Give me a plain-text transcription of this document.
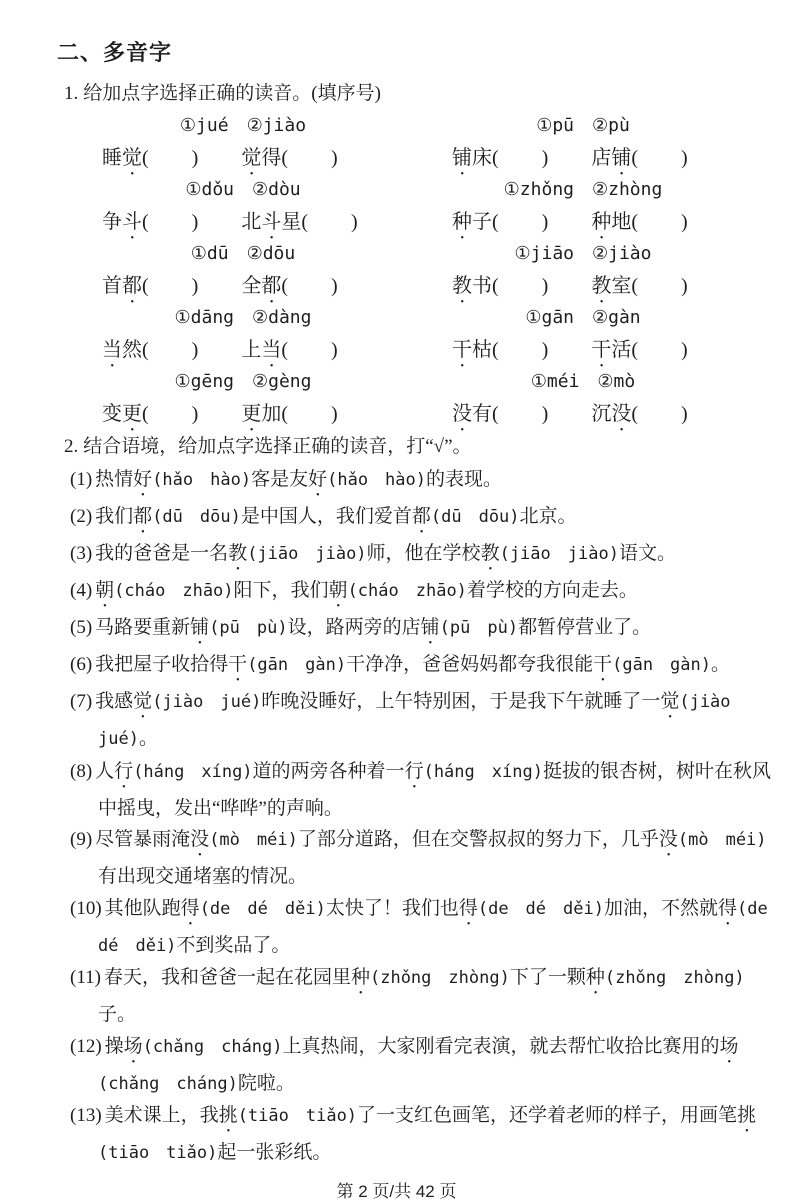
二、多音字
1. 给加点字选择正确的读音。(填序号)
①jué　②jiào	①pū　②pù
睡觉(　　) 觉得(　　)	铺床(　　) 店铺(　　)
①dǒu　②dòu	①zhǒng　②zhòng
争斗(　　) 北斗星(　　)	种子(　　) 种地(　　)
①dū　②dōu	①jiāo　②jiào
首都(　　) 全都(　　)	教书(　　) 教室(　　)
①dāng　②dàng	①gān　②gàn
当然(　　) 上当(　　)	干枯(　　) 干活(　　)
①gēng　②gèng	①méi　②mò
变更(　　) 更加(　　)	没有(　　) 沉没(　　)
2. 结合语境，给加点字选择正确的读音，打“√”。

(1) 热情好(hǎo　hào)客是友好(hǎo　hào)的表现。

(2) 我们都(dū　dōu)是中国人，我们爱首都(dū　dōu)北京。

(3) 我的爸爸是一名教(jiāo　jiào)师，他在学校教(jiāo　jiào)语文。

(4) 朝(cháo　zhāo)阳下，我们朝(cháo　zhāo)着学校的方向走去。

(5) 马路要重新铺(pū　pù)设，路两旁的店铺(pū　pù)都暂停营业了。

(6) 我把屋子收拾得干(gān　gàn)干净净，爸爸妈妈都夸我很能干(gān　gàn)。

(7) 我感觉(jiào　jué)昨晚没睡好，上午特别困，于是我下午就睡了一觉(jiào　jué)。

(8) 人行(háng　xíng)道的两旁各种着一行(háng　xíng)挺拔的银杏树，树叶在秋风中摇曳，发出“哗哗”的声响。

(9) 尽管暴雨淹没(mò　méi)了部分道路，但在交警叔叔的努力下，几乎没(mò　méi)有出现交通堵塞的情况。

(10) 其他队跑得(de　dé　děi)太快了！我们也得(de　dé　děi)加油，不然就得(de　dé　děi)不到奖品了。

(11) 春天，我和爸爸一起在花园里种(zhǒng　zhòng)下了一颗种(zhǒng　zhòng)子。

(12) 操场(chǎng　cháng)上真热闹，大家刚看完表演，就去帮忙收拾比赛用的场(chǎng　cháng)院啦。

(13) 美术课上，我挑(tiāo　tiǎo)了一支红色画笔，还学着老师的样子，用画笔挑(tiāo　tiǎo)起一张彩纸。

第 2 页/共 42 页
